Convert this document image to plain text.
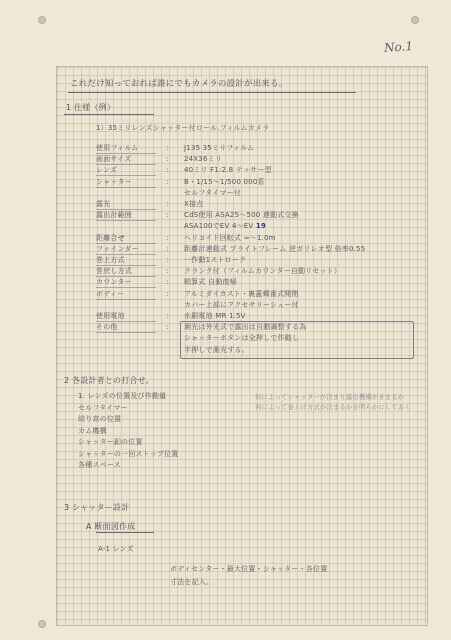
No.1
これだけ知っておれば誰にでもカメラの設計が出来る。
1 仕様（例）
1）35ミリレンズシャッター付ロール.フィルムカメラ
使用フィルム	: J135 35ミリフィルム
画面サイズ	: 24X36ミリ
レンズ	: 40ミリ F1:2.8 テッサー型
シャッター	: B・1/15～1/500 000系
セルフタイマー付
露光	: X接点
露出計範囲	: CdS使用 ASA25～500 連動式交換
ASA100でEV 4～EV 19
距離合せ	: ヘリコイド回転式 ∞～1.0m
ファインダー	: 距離計連動式 ブライトフレーム 逆ガリレオ型 倍率0.55
巻上方式	: 一作動1ストローク
巻戻し方式	: クランク付（フィルムカウンター自動リセット）
カウンター	: 順算式 自動復帰
ボディー	: アルミダイカスト・裏蓋蝶番式開閉
カバー上部にアクセサリーシュー付
使用電池	: 水銀電池 MR 1.5V
その他	: 測光は外光式で露出は自動調整する為
シャッターボタンは全押しで作動し
半押しで測光する。
2 各設計者との打合せ。
1. レンズの位置及び作動量
セルフタイマー
絞り窓の位置
カム機構
シャッター釦の位置
シャッターの一回ストップ位置
各種スペース
何によってシャッターが決まり露出機構がきまるか
何によって巻上げ方式が決まるかを明らかにしておく
3 シャッター設計
A 断面図作成
A-1 レンズ
ボディセンター・最大位置・シャッター・各位置
寸法を記入。
